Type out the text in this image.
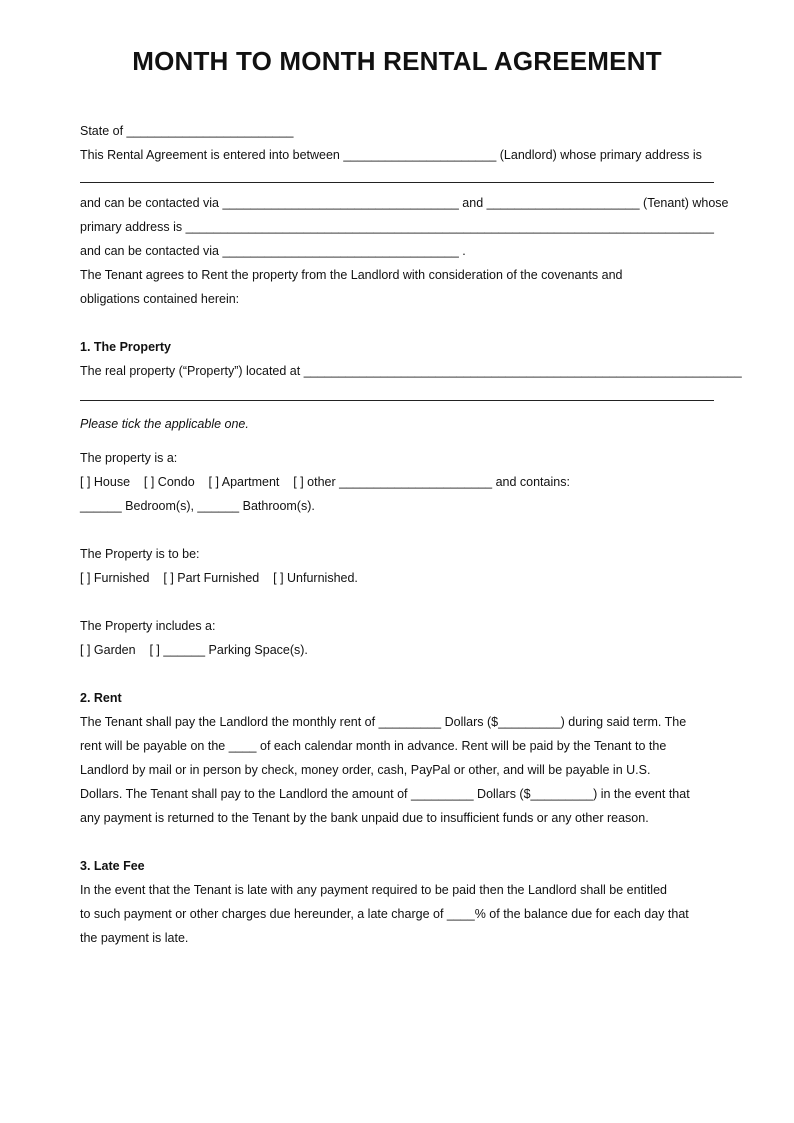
MONTH TO MONTH RENTAL AGREEMENT
State of ________________________
This Rental Agreement is entered into between ______________________ (Landlord) whose primary address is
and can be contacted via __________________________________ and ______________________ (Tenant) whose
primary address is ____________________________________________________________________________
and can be contacted via __________________________________ .
The Tenant agrees to Rent the property from the Landlord with consideration of the covenants and
obligations contained herein:
1. The Property
The real property (“Property”) located at _______________________________________________________________
Please tick the applicable one.
The property is a:
[ ] House    [ ] Condo    [ ] Apartment    [ ] other ______________________ and contains:
______ Bedroom(s), ______ Bathroom(s).
The Property is to be:
[ ] Furnished    [ ] Part Furnished    [ ] Unfurnished.
The Property includes a:
[ ] Garden    [ ] ______ Parking Space(s).
2. Rent
The Tenant shall pay the Landlord the monthly rent of _________ Dollars ($_________) during said term. The
rent will be payable on the ____ of each calendar month in advance. Rent will be paid by the Tenant to the
Landlord by mail or in person by check, money order, cash, PayPal or other, and will be payable in U.S.
Dollars. The Tenant shall pay to the Landlord the amount of _________ Dollars ($_________) in the event that
any payment is returned to the Tenant by the bank unpaid due to insufficient funds or any other reason.
3. Late Fee
In the event that the Tenant is late with any payment required to be paid then the Landlord shall be entitled
to such payment or other charges due hereunder, a late charge of ____% of the balance due for each day that
the payment is late.
